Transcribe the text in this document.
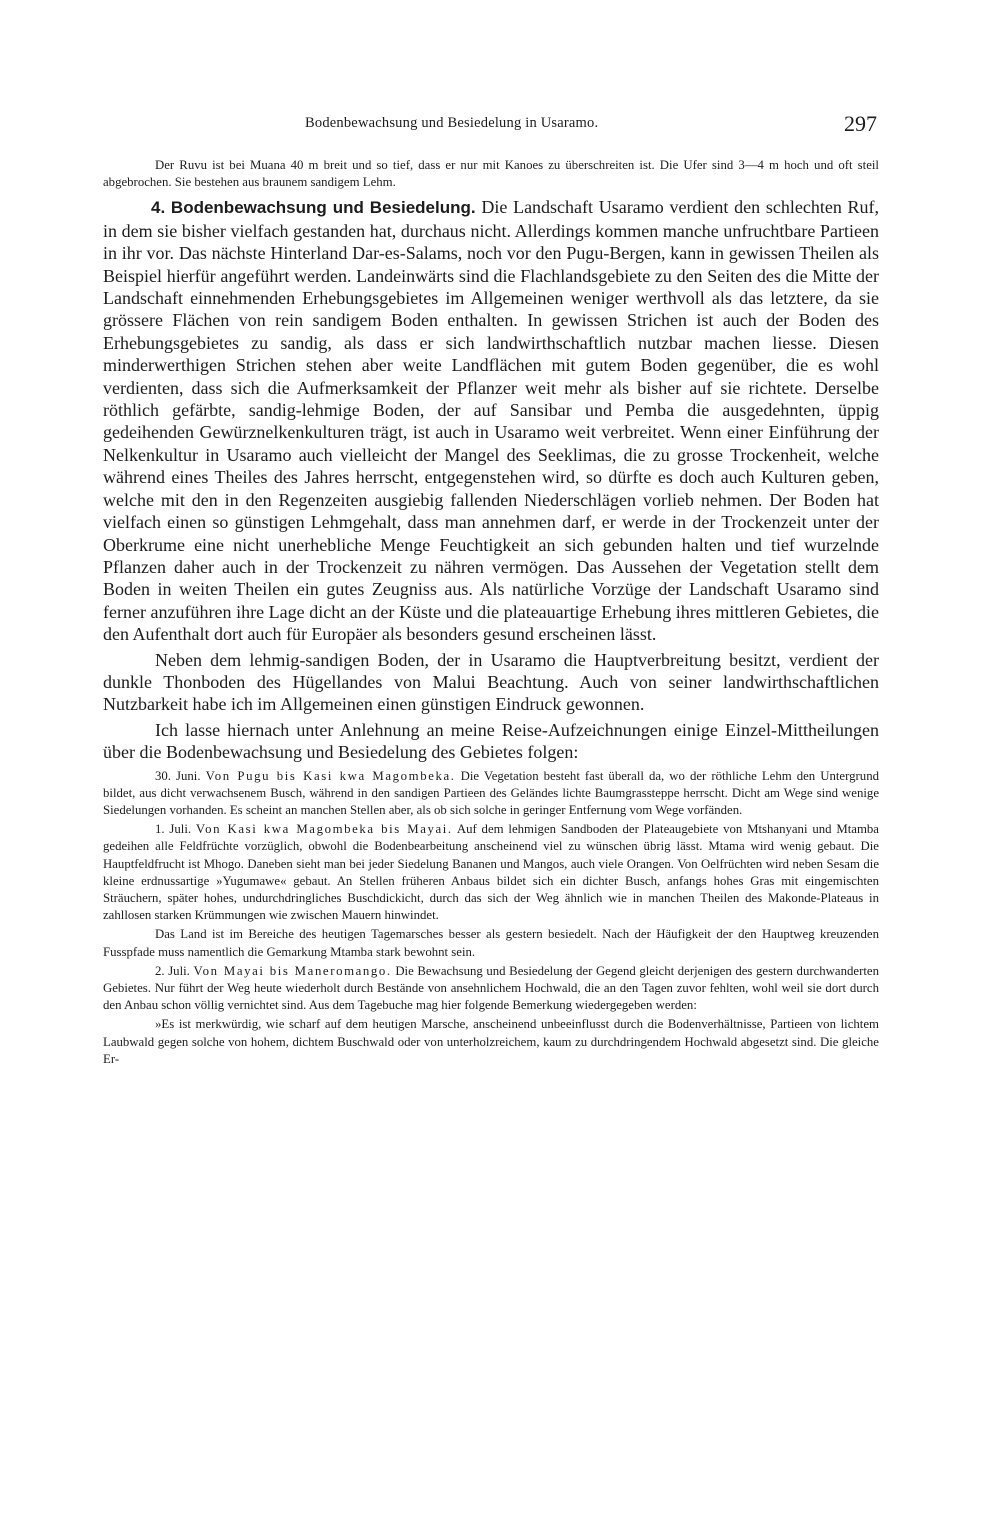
Bodenbewachsung und Besiedelung in Usaramo.	297

Der Ruvu ist bei Muana 40 m breit und so tief, dass er nur mit Kanoes zu überschreiten ist. Die Ufer sind 3—4 m hoch und oft steil abgebrochen. Sie bestehen aus braunem sandigem Lehm.

4. Bodenbewachsung und Besiedelung. Die Landschaft Usaramo verdient den schlechten Ruf, in dem sie bisher vielfach gestanden hat, durchaus nicht. Allerdings kommen manche unfruchtbare Partieen in ihr vor. Das nächste Hinterland Dar-es-Salams, noch vor den Pugu-Bergen, kann in gewissen Theilen als Beispiel hierfür angeführt werden. Landeinwärts sind die Flachlandsgebiete zu den Seiten des die Mitte der Landschaft einnehmenden Erhebungsgebietes im Allgemeinen weniger werthvoll als das letztere, da sie grössere Flächen von rein sandigem Boden enthalten. In gewissen Strichen ist auch der Boden des Erhebungsgebietes zu sandig, als dass er sich landwirthschaftlich nutzbar machen liesse. Diesen minderwerthigen Strichen stehen aber weite Landflächen mit gutem Boden gegenüber, die es wohl verdienten, dass sich die Aufmerksamkeit der Pflanzer weit mehr als bisher auf sie richtete. Derselbe röthlich gefärbte, sandig-lehmige Boden, der auf Sansibar und Pemba die ausgedehnten, üppig gedeihenden Gewürznelkenkulturen trägt, ist auch in Usaramo weit verbreitet. Wenn einer Einführung der Nelkenkultur in Usaramo auch vielleicht der Mangel des Seeklimas, die zu grosse Trockenheit, welche während eines Theiles des Jahres herrscht, entgegenstehen wird, so dürfte es doch auch Kulturen geben, welche mit den in den Regenzeiten ausgiebig fallenden Niederschlägen vorlieb nehmen. Der Boden hat vielfach einen so günstigen Lehmgehalt, dass man annehmen darf, er werde in der Trockenzeit unter der Oberkrume eine nicht unerhebliche Menge Feuchtigkeit an sich gebunden halten und tief wurzelnde Pflanzen daher auch in der Trockenzeit zu nähren vermögen. Das Aussehen der Vegetation stellt dem Boden in weiten Theilen ein gutes Zeugniss aus. Als natürliche Vorzüge der Landschaft Usaramo sind ferner anzuführen ihre Lage dicht an der Küste und die plateauartige Erhebung ihres mittleren Gebietes, die den Aufenthalt dort auch für Europäer als besonders gesund erscheinen lässt.

Neben dem lehmig-sandigen Boden, der in Usaramo die Hauptverbreitung besitzt, verdient der dunkle Thonboden des Hügellandes von Malui Beachtung. Auch von seiner landwirthschaftlichen Nutzbarkeit habe ich im Allgemeinen einen günstigen Eindruck gewonnen.

Ich lasse hiernach unter Anlehnung an meine Reise-Aufzeichnungen einige Einzel-Mittheilungen über die Bodenbewachsung und Besiedelung des Gebietes folgen:

30. Juni. Von Pugu bis Kasi kwa Magombeka. Die Vegetation besteht fast überall da, wo der röthliche Lehm den Untergrund bildet, aus dicht verwachsenem Busch, während in den sandigen Partieen des Geländes lichte Baumgrassteppe herrscht. Dicht am Wege sind wenige Siedelungen vorhanden. Es scheint an manchen Stellen aber, als ob sich solche in geringer Entfernung vom Wege vorfänden.

1. Juli. Von Kasi kwa Magombeka bis Mayai. Auf dem lehmigen Sandboden der Plateaugebiete von Mtshanyani und Mtamba gedeihen alle Feldfrüchte vorzüglich, obwohl die Bodenbearbeitung anscheinend viel zu wünschen übrig lässt. Mtama wird wenig gebaut. Die Hauptfeldfrucht ist Mhogo. Daneben sieht man bei jeder Siedelung Bananen und Mangos, auch viele Orangen. Von Oelfrüchten wird neben Sesam die kleine erdnussartige »Yugumawe« gebaut. An Stellen früheren Anbaus bildet sich ein dichter Busch, anfangs hohes Gras mit eingemischten Sträuchern, später hohes, undurchdringliches Buschdickicht, durch das sich der Weg ähnlich wie in manchen Theilen des Makonde-Plateaus in zahllosen starken Krümmungen wie zwischen Mauern hinwindet.

Das Land ist im Bereiche des heutigen Tagemarsches besser als gestern besiedelt. Nach der Häufigkeit der den Hauptweg kreuzenden Fusspfade muss namentlich die Gemarkung Mtamba stark bewohnt sein.

2. Juli. Von Mayai bis Maneromango. Die Bewachsung und Besiedelung der Gegend gleicht derjenigen des gestern durchwanderten Gebietes. Nur führt der Weg heute wiederholt durch Bestände von ansehnlichem Hochwald, die an den Tagen zuvor fehlten, wohl weil sie dort durch den Anbau schon völlig vernichtet sind. Aus dem Tagebuche mag hier folgende Bemerkung wiedergegeben werden:

»Es ist merkwürdig, wie scharf auf dem heutigen Marsche, anscheinend unbeeinflusst durch die Bodenverhältnisse, Partieen von lichtem Laubwald gegen solche von hohem, dichtem Buschwald oder von unterholzreichem, kaum zu durchdringendem Hochwald abgesetzt sind. Die gleiche Er-
